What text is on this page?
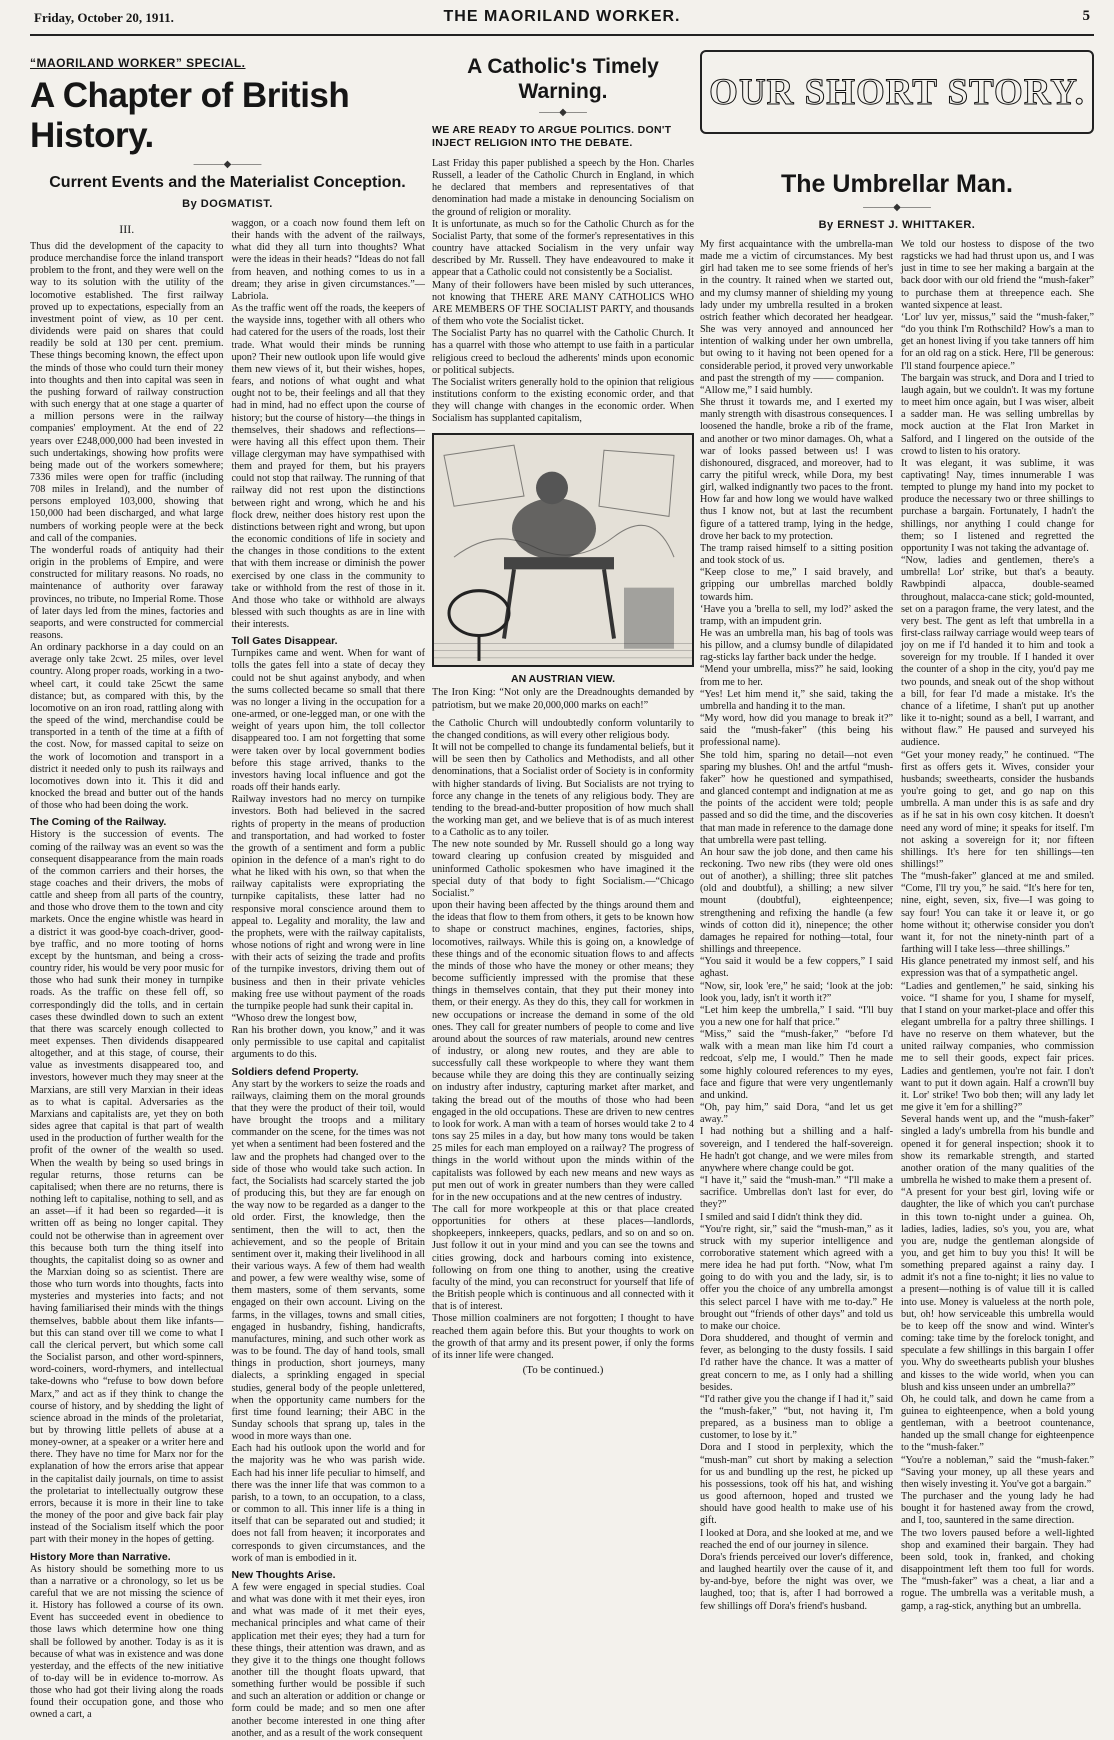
Friday, October 20, 1911.	THE MAORILAND WORKER.	5
“MAORILAND WORKER” SPECIAL.
A Chapter of British History.
———◆———
Current Events and the Materialist Conception.
By DOGMATIST.
III.

Thus did the development of the capacity to produce merchandise force the inland transport problem to the front, and they were well on the way to its solution with the utility of the locomotive established. The first railway proved up to expectations, especially from an investment point of view, as 10 per cent. dividends were paid on shares that could readily be sold at 130 per cent. premium. These things becoming known, the effect upon the minds of those who could turn their money into thoughts and then into capital was seen in the pushing forward of railway construction with such energy that at one stage a quarter of a million persons were in the railway companies' employment. At the end of 22 years over £248,000,000 had been invested in such undertakings, showing how profits were being made out of the workers somewhere; 7336 miles were open for traffic (including 708 miles in Ireland), and the number of persons employed 103,000, showing that 150,000 had been discharged, and what large numbers of working people were at the beck and call of the companies.

The wonderful roads of antiquity had their origin in the problems of Empire, and were constructed for military reasons. No roads, no maintenance of authority over faraway provinces, no tribute, no Imperial Rome. Those of later days led from the mines, factories and seaports, and were constructed for commercial reasons.

An ordinary packhorse in a day could on an average only take 2cwt. 25 miles, over level country. Along proper roads, working in a two-wheel cart, it could take 25cwt the same distance; but, as compared with this, by the locomotive on an iron road, rattling along with the speed of the wind, merchandise could be transported in a tenth of the time at a fifth of the cost. Now, for massed capital to seize on the work of locomotion and transport in a district it needed only to push its railways and locomotives down into it. This it did and knocked the bread and butter out of the hands of those who had been doing the work.

The Coming of the Railway.

History is the succession of events. The coming of the railway was an event so was the consequent disappearance from the main roads of the common carriers and their horses, the stage coaches and their drivers, the mobs of cattle and sheep from all parts of the country, and those who drove them to the town and city markets. Once the engine whistle was heard in a district it was good-bye coach-driver, good-bye traffic, and no more tooting of horns except by the huntsman, and being a cross-country rider, his would be very poor music for those who had sunk their money in turnpike roads. As the traffic on these fell off, so correspondingly did the tolls, and in certain cases these dwindled down to such an extent that there was scarcely enough collected to meet expenses. Then dividends disappeared altogether, and at this stage, of course, their value as investments disappeared too, and investors, however much they may sneer at the Marxians, are still very Marxian in their ideas as to what is capital. Adversaries as the Marxians and capitalists are, yet they on both sides agree that capital is that part of wealth used in the production of further wealth for the profit of the owner of the wealth so used. When the wealth by being so used brings in regular returns, those returns can be capitalised; when there are no returns, there is nothing left to capitalise, nothing to sell, and as an asset—if it had been so regarded—it is written off as being no longer capital. They could not be otherwise than in agreement over this because both turn the thing itself into thoughts, the capitalist doing so as owner and the Marxian doing so as scientist. There are those who turn words into thoughts, facts into mysteries and mysteries into facts; and not having familiarised their minds with the things themselves, babble about them like infants—but this can stand over till we come to what I call the clerical pervert, but which some call the Socialist parson, and other word-spinners, word-coiners, word-rhymers, and intellectual take-downs who “refuse to bow down before Marx,” and act as if they think to change the course of history, and by shedding the light of science abroad in the minds of the proletariat, but by throwing little pellets of abuse at a money-owner, at a speaker or a writer here and there. They have no time for Marx nor for the explanation of how the errors arise that appear in the capitalist daily journals, on time to assist the proletariat to intellectually outgrow these errors, because it is more in their line to take the money of the poor and give back fair play instead of the Socialism itself which the poor part with their money in the hopes of getting.

History More than Narrative.

As history should be something more to us than a narrative or a chronology, so let us be careful that we are not missing the science of it. History has followed a course of its own. Event has succeeded event in obedience to those laws which determine how one thing shall be followed by another. Today is as it is because of what was in existence and was done yesterday, and the effects of the new initiative of to-day will be in evidence to-morrow. As those who had got their living along the roads found their occupation gone, and those who owned a cart, a

waggon, or a coach now found them left on their hands with the advent of the railways, what did they all turn into thoughts? What were the ideas in their heads? “Ideas do not fall from heaven, and nothing comes to us in a dream; they arise in given circumstances.”—Labriola.

As the traffic went off the roads, the keepers of the wayside inns, together with all others who had catered for the users of the roads, lost their trade. What would their minds be running upon? Their new outlook upon life would give them new views of it, but their wishes, hopes, fears, and notions of what ought and what ought not to be, their feelings and all that they had in mind, had no effect upon the course of history; but the course of history—the things in themselves, their shadows and reflections—were having all this effect upon them. Their village clergyman may have sympathised with them and prayed for them, but his prayers could not stop that railway. The running of that railway did not rest upon the distinctions between right and wrong, which he and his flock drew, neither does history rest upon the distinctions between right and wrong, but upon the economic conditions of life in society and the changes in those conditions to the extent that with them increase or diminish the power exercised by one class in the community to take or withhold from the rest of those in it. And those who take or withhold are always blessed with such thoughts as are in line with their interests.

Toll Gates Disappear.

Turnpikes came and went. When for want of tolls the gates fell into a state of decay they could not be shut against anybody, and when the sums collected became so small that there was no longer a living in the occupation for a one-armed, or one-legged man, or one with the weight of years upon him, the toll collector disappeared too. I am not forgetting that some were taken over by local government bodies before this stage arrived, thanks to the investors having local influence and got the roads off their hands early.

Railway investors had no mercy on turnpike investors. Both had believed in the sacred rights of property in the means of production and transportation, and had worked to foster the growth of a sentiment and form a public opinion in the defence of a man's right to do what he liked with his own, so that when the railway capitalists were expropriating the turnpike capitalists, these latter had no responsive moral conscience around them to appeal to. Legality and morality, the law and the prophets, were with the railway capitalists, whose notions of right and wrong were in line with their acts of seizing the trade and profits of the turnpike investors, driving them out of business and then in their private vehicles making free use without payment of the roads the turnpike people had sunk their capital in.

“Whoso drew the longest bow,

Ran his brother down, you know,” and it was only permissible to use capital and capitalist arguments to do this.

Soldiers defend Property.

Any start by the workers to seize the roads and railways, claiming them on the moral grounds that they were the product of their toil, would have brought the troops and a military commander on the scene, for the times was not yet when a sentiment had been fostered and the law and the prophets had changed over to the side of those who would take such action. In fact, the Socialists had scarcely started the job of producing this, but they are far enough on the way now to be regarded as a danger to the old order. First, the knowledge, then the sentiment, then the will to act, then the achievement, and so the people of Britain sentiment over it, making their livelihood in all their various ways. A few of them had wealth and power, a few were wealthy wise, some of them masters, some of them servants, some engaged on their own account. Living on the farms, in the villages, towns and small cities, engaged in husbandry, fishing, handicrafts, manufactures, mining, and such other work as was to be found. The day of hand tools, small things in production, short journeys, many dialects, a sprinkling engaged in special studies, general body of the people unlettered, when the opportunity came numbers for the first time found learning; their ABC in the Sunday schools that sprang up, tales in the wood in more ways than one.

Each had his outlook upon the world and for the majority was he who was parish wide. Each had his inner life peculiar to himself, and there was the inner life that was common to a parish, to a town, to an occupation, to a class, or common to all. This inner life is a thing in itself that can be separated out and studied; it does not fall from heaven; it incorporates and corresponds to given circumstances, and the work of man is embodied in it.

New Thoughts Arise.

A few were engaged in special studies. Coal and what was done with it met their eyes, iron and what was made of it met their eyes, mechanical principles and what came of their application met their eyes; they had a turn for these things, their attention was drawn, and as they give it to the things one thought follows another till the thought floats upward, that something further would be possible if such and such an alteration or addition or change or form could be made; and so men one after another become interested in one thing after another, and as a result of the work consequent

A Catholic's Timely Warning.
——◆——
WE ARE READY TO ARGUE POLITICS. DON'T INJECT RELIGION INTO THE DEBATE.

Last Friday this paper published a speech by the Hon. Charles Russell, a leader of the Catholic Church in England, in which he declared that members and representatives of that denomination had made a mistake in denouncing Socialism on the ground of religion or morality.

It is unfortunate, as much so for the Catholic Church as for the Socialist Party, that some of the former's representatives in this country have attacked Socialism in the very unfair way described by Mr. Russell. They have endeavoured to make it appear that a Catholic could not consistently be a Socialist.

Many of their followers have been misled by such utterances, not knowing that THERE ARE MANY CATHOLICS WHO ARE MEMBERS OF THE SOCIALIST PARTY, and thousands of them who vote the Socialist ticket.

The Socialist Party has no quarrel with the Catholic Church. It has a quarrel with those who attempt to use faith in a particular religious creed to becloud the adherents' minds upon economic or political subjects.

The Socialist writers generally hold to the opinion that religious institutions conform to the existing economic order, and that they will change with changes in the economic order. When Socialism has supplanted capitalism,

AN AUSTRIAN VIEW.

The Iron King: “Not only are the Dreadnoughts demanded by patriotism, but we make 20,000,000 marks on each!”

the Catholic Church will undoubtedly conform voluntarily to the changed conditions, as will every other religious body.

It will not be compelled to change its fundamental beliefs, but it will be seen then by Catholics and Methodists, and all other denominations, that a Socialist order of Society is in conformity with higher standards of living. But Socialists are not trying to force any change in the tenets of any religious body. They are tending to the bread-and-butter proposition of how much shall the working man get, and we believe that is of as much interest to a Catholic as to any toiler.

The new note sounded by Mr. Russell should go a long way toward clearing up confusion created by misguided and uninformed Catholic spokesmen who have imagined it the special duty of that body to fight Socialism.—“Chicago Socialist.”

upon their having been affected by the things around them and the ideas that flow to them from others, it gets to be known how to shape or construct machines, engines, factories, ships, locomotives, railways. While this is going on, a knowledge of these things and of the economic situation flows to and affects the minds of those who have the money or other means; they become sufficiently impressed with the promise that these things in themselves contain, that they put their money into them, or their energy. As they do this, they call for workmen in new occupations or increase the demand in some of the old ones. They call for greater numbers of people to come and live around about the sources of raw materials, around new centres of industry, or along new routes, and they are able to successfully call these workpeople to where they want them because while they are doing this they are continually seizing on industry after industry, capturing market after market, and taking the bread out of the mouths of those who had been engaged in the old occupations. These are driven to new centres to look for work. A man with a team of horses would take 2 to 4 tons say 25 miles in a day, but how many tons would be taken 25 miles for each man employed on a railway? The progress of things in the world without upon the minds within of the capitalists was followed by each new means and new ways as put men out of work in greater numbers than they were called for in the new occupations and at the new centres of industry.

The call for more workpeople at this or that place created opportunities for others at these places—landlords, shopkeepers, innkeepers, quacks, pedlars, and so on and so on. Just follow it out in your mind and you can see the towns and cities growing, dock and harbours coming into existence, following on from one thing to another, using the creative faculty of the mind, you can reconstruct for yourself that life of the British people which is continuous and all connected with it that is of interest.

Those million coalminers are not forgotten; I thought to have reached them again before this. But your thoughts to work on the growth of that army and its present power, if only the forms of its inner life were changed.

(To be continued.)
OUR SHORT STORY.
The Umbrellar Man.
———◆———
By ERNEST J. WHITTAKER.

My first acquaintance with the umbrella-man made me a victim of circumstances. My best girl had taken me to see some friends of her's in the country. It rained when we started out, and my clumsy manner of shielding my young lady under my umbrella resulted in a broken ostrich feather which decorated her headgear. She was very annoyed and announced her intention of walking under her own umbrella, but owing to it having not been opened for a considerable period, it proved very unworkable and past the strength of my —— companion.

“Allow me,” I said humbly.

She thrust it towards me, and I exerted my manly strength with disastrous consequences. I loosened the handle, broke a rib of the frame, and another or two minor damages. Oh, what a war of looks passed between us! I was dishonoured, disgraced, and moreover, had to carry the pitiful wreck, while Dora, my best girl, walked indignantly two paces to the front. How far and how long we would have walked thus I know not, but at last the recumbent figure of a tattered tramp, lying in the hedge, drove her back to my protection.

The tramp raised himself to a sitting position and took stock of us.

“Keep close to me,” I said bravely, and gripping our umbrellas marched boldly towards him.

‘Have you a 'brella to sell, my lod?’ asked the tramp, with an impudent grin.

He was an umbrella man, his bag of tools was his pillow, and a clumsy bundle of dilapidated rag-sticks lay farther back under the hedge.

“Mend your umbrella, miss?” he said, looking from me to her.

“Yes! Let him mend it,” she said, taking the umbrella and handing it to the man.

“My word, how did you manage to break it?” said the “mush-faker” (this being his professional name).

She told him, sparing no detail—not even sparing my blushes. Oh! and the artful “mush-faker” how he questioned and sympathised, and glanced contempt and indignation at me as the points of the accident were told; people passed and so did the time, and the discoveries that man made in reference to the damage done that umbrella were past telling.

An hour saw the job done, and then came his reckoning. Two new ribs (they were old ones out of another), a shilling; three slit patches (old and doubtful), a shilling; a new silver mount (doubtful), eighteenpence; strengthening and refixing the handle (a few winds of cotton did it), ninepence; the other damages he repaired for nothing—total, four shillings and threepence.

“You said it would be a few coppers,” I said aghast.

“Now, sir, look 'ere,” he said; ‘look at the job: look you, lady, isn't it worth it?”

“Let him keep the umbrella,” I said. “I'll buy you a new one for half that price.”

“Miss,” said the “mush-faker,” “before I'd walk with a mean man like him I'd court a redcoat, s'elp me, I would.” Then he made some highly coloured references to my eyes, face and figure that were very ungentlemanly and unkind.

“Oh, pay him,” said Dora, “and let us get away.”

I had nothing but a shilling and a half-sovereign, and I tendered the half-sovereign. He hadn't got change, and we were miles from anywhere where change could be got.

“I have it,” said the “mush-man.” “I'll make a sacrifice. Umbrellas don't last for ever, do they?”

I smiled and said I didn't think they did.

“You're right, sir,” said the “mush-man,” as it struck with my superior intelligence and corroborative statement which agreed with a mere idea he had put forth. “Now, what I'm going to do with you and the lady, sir, is to offer you the choice of any umbrella amongst this select parcel I have with me to-day.” He brought out “friends of other days” and told us to make our choice.

Dora shuddered, and thought of vermin and fever, as belonging to the dusty fossils. I said I'd rather have the chance. It was a matter of great concern to me, as I only had a shilling besides.

“I'd rather give you the change if I had it,” said the “mush-faker,” “but, not having it, I'm prepared, as a business man to oblige a customer, to lose by it.”

Dora and I stood in perplexity, which the “mush-man” cut short by making a selection for us and bundling up the rest, he picked up his possessions, took off his hat, and wishing us good afternoon, hoped and trusted we should have good health to make use of his gift.

I looked at Dora, and she looked at me, and we reached the end of our journey in silence.

Dora's friends perceived our lover's difference, and laughed heartily over the cause of it, and by-and-bye, before the night was over, we laughed, too; that is, after I had borrowed a few shillings off Dora's friend's husband.

We told our hostess to dispose of the two ragsticks we had had thrust upon us, and I was just in time to see her making a bargain at the back door with our old friend the “mush-faker” to purchase them at threepence each. She wanted sixpence at least.

‘Lor' luv yer, missus,” said the “mush-faker,” “do you think I'm Rothschild? How's a man to get an honest living if you take tanners off him for an old rag on a stick. Here, I'll be generous: I'll stand fourpence apiece.”

The bargain was struck, and Dora and I tried to laugh again, but we couldn't. It was my fortune to meet him once again, but I was wiser, albeit a sadder man. He was selling umbrellas by mock auction at the Flat Iron Market in Salford, and I lingered on the outside of the crowd to listen to his oratory.

It was elegant, it was sublime, it was captivating! Nay, times innumerable I was tempted to plunge my hand into my pocket to produce the necessary two or three shillings to purchase a bargain. Fortunately, I hadn't the shillings, nor anything I could change for them; so I listened and regretted the opportunity I was not taking the advantage of.

“Now, ladies and gentlemen, there's a umbrella! Lor' strike, but that's a beauty. Rawbpindi alpacca, double-seamed throughout, malacca-cane stick; gold-mounted, set on a paragon frame, the very latest, and the very best. The gent as left that umbrella in a first-class railway carriage would weep tears of joy on me if I'd handed it to him and took a sovereign for my trouble. If I handed it over the counter of a shop in the city, you'd pay me two pounds, and sneak out of the shop without a bill, for fear I'd made a mistake. It's the chance of a lifetime, I shan't put up another like it to-night; sound as a bell, I warrant, and without flaw.” He paused and surveyed his audience.

“Get your money ready,” he continued. “The first as offers gets it. Wives, consider your husbands; sweethearts, consider the husbands you're going to get, and go nap on this umbrella. A man under this is as safe and dry as if he sat in his own cosy kitchen. It doesn't need any word of mine; it speaks for itself. I'm not asking a sovereign for it; nor fifteen shillings. It's here for ten shillings—ten shillings!”

The “mush-faker” glanced at me and smiled. “Come, I'll try you,” he said. “It's here for ten, nine, eight, seven, six, five—I was going to say four! You can take it or leave it, or go home without it; otherwise consider you don't want it, for not the ninety-ninth part of a farthing will I take less—three shillings.”

His glance penetrated my inmost self, and his expression was that of a sympathetic angel.

“Ladies and gentlemen,” he said, sinking his voice. “I shame for you, I shame for myself, that I stand on your market-place and offer this elegant umbrella for a paltry three shillings. I have no reserve on them whatever, but the united railway companies, who commission me to sell their goods, expect fair prices. Ladies and gentlemen, you're not fair. I don't want to put it down again. Half a crown'll buy it. Lor' strike! Two bob then; will any lady let me give it 'em for a shilling?”

Several hands went up, and the “mush-faker” singled a lady's umbrella from his bundle and opened it for general inspection; shook it to show its remarkable strength, and started another oration of the many qualities of the umbrella he wished to make them a present of.

“A present for your best girl, loving wife or daughter, the like of which you can't purchase in this town to-night under a guinea. Oh, ladies, ladies, ladies, so's you, you are, what you are, nudge the gentleman alongside of you, and get him to buy you this! It will be something prepared against a rainy day. I admit it's not a fine to-night; it lies no value to a present—nothing is of value till it is called into use. Money is valueless at the north pole, but, oh! how serviceable this umbrella would be to keep off the snow and wind. Winter's coming: take time by the forelock tonight, and speculate a few shillings in this bargain I offer you. Why do sweethearts publish your blushes and kisses to the wide world, when you can blush and kiss unseen under an umbrella?”

Oh, he could talk, and down he came from a guinea to eighteenpence, when a bold young gentleman, with a beetroot countenance, handed up the small change for eighteenpence to the “mush-faker.”

“You're a nobleman,” said the “mush-faker.” “Saving your money, up all these years and then wisely investing it. You've got a bargain.”

The purchaser and the young lady he had bought it for hastened away from the crowd, and I, too, sauntered in the same direction.

The two lovers paused before a well-lighted shop and examined their bargain. They had been sold, took in, franked, and choking disappointment left them too full for words. The “mush-faker” was a cheat, a liar and a rogue. The umbrella was a veritable mush, a gamp, a rag-stick, anything but an umbrella.
